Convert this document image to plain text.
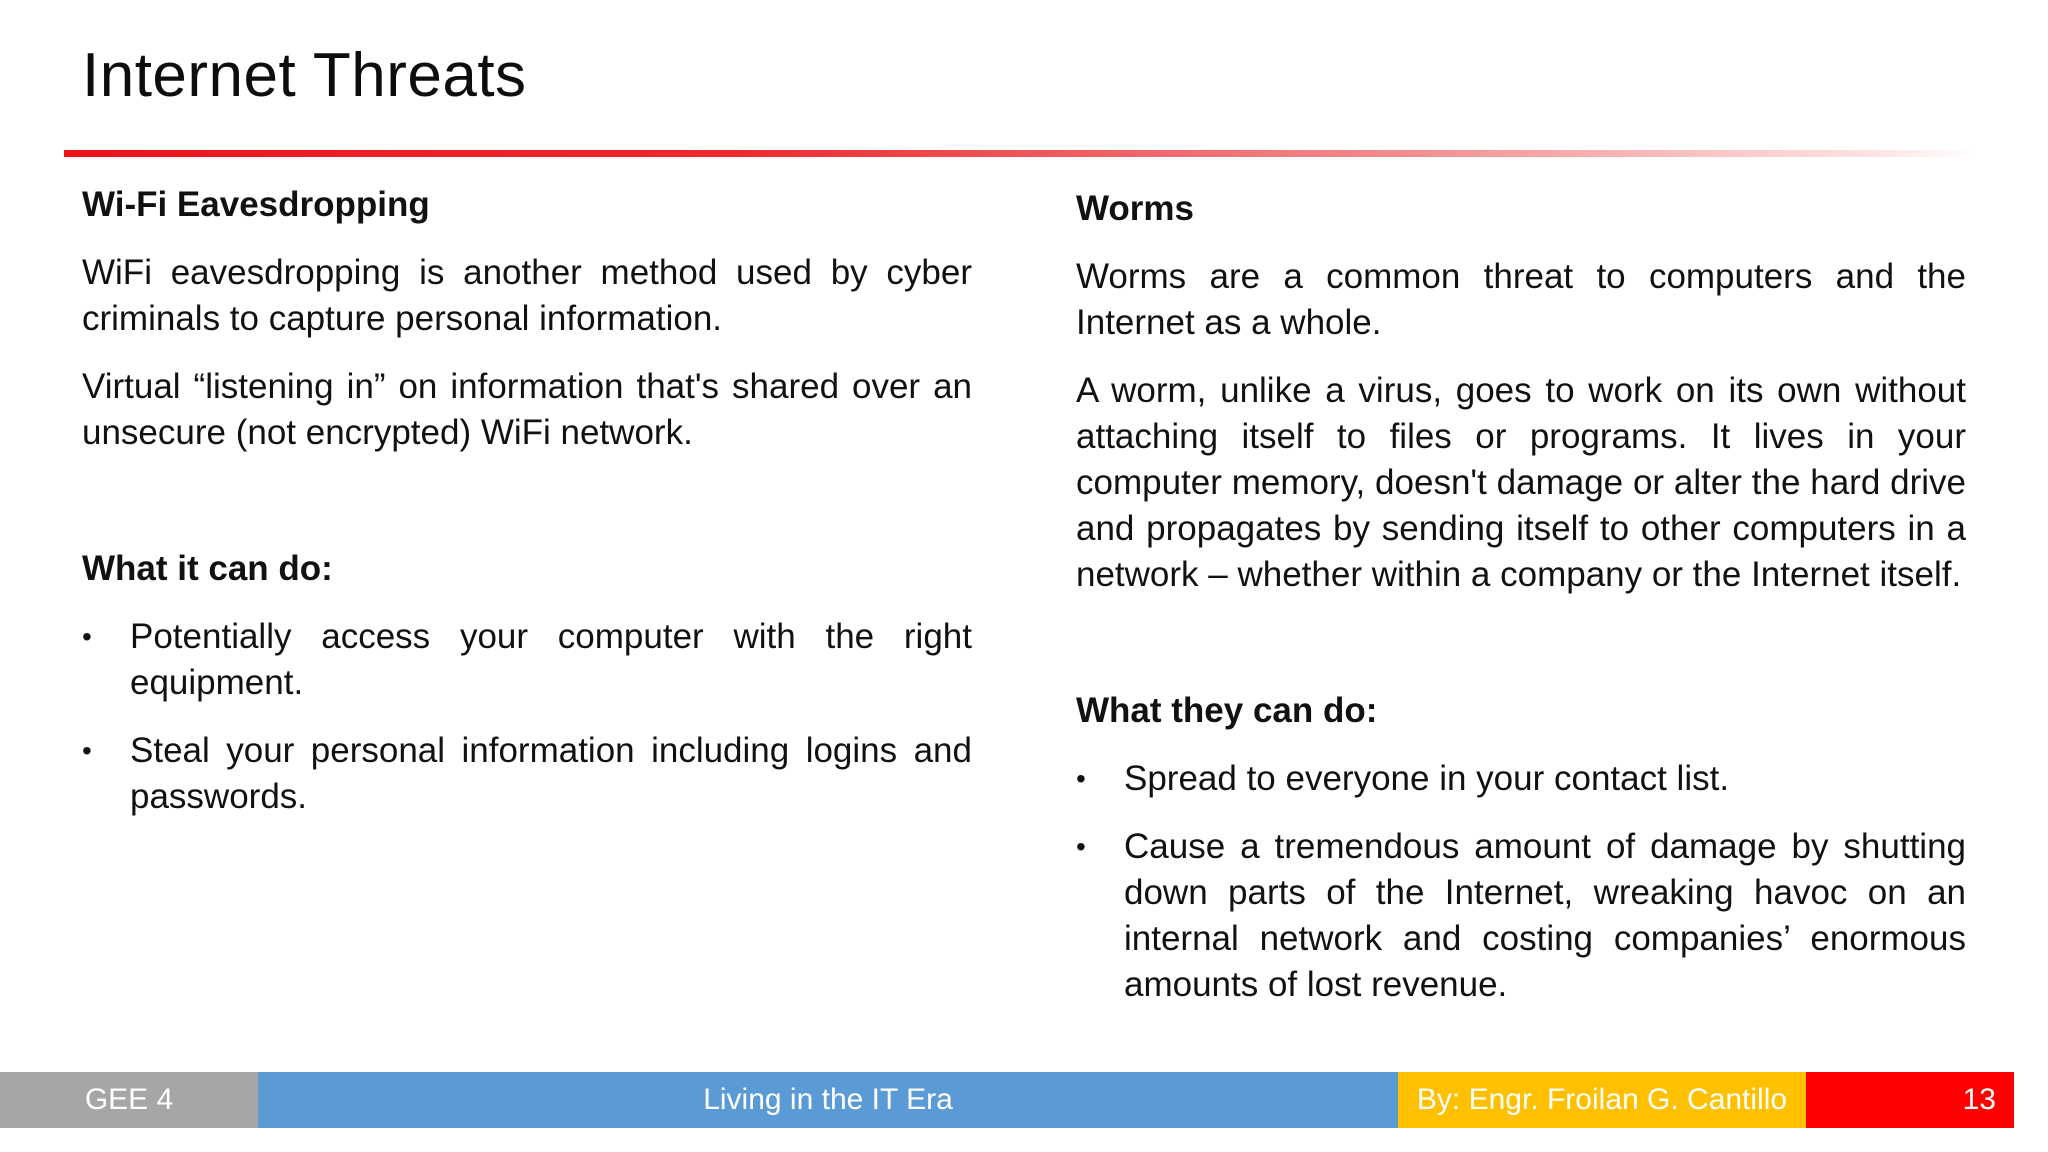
Internet Threats
Wi-Fi Eavesdropping

WiFi eavesdropping is another method used by cyber criminals to capture personal information.

Virtual “listening in” on information that's shared over an unsecure (not encrypted) WiFi network.

What it can do:
• Potentially access your computer with the right equipment.
• Steal your personal information including logins and passwords.
Worms

Worms are a common threat to computers and the Internet as a whole.

A worm, unlike a virus, goes to work on its own without attaching itself to files or programs. It lives in your computer memory, doesn't damage or alter the hard drive and propagates by sending itself to other computers in a network – whether within a company or the Internet itself.

What they can do:
• Spread to everyone in your contact list.
• Cause a tremendous amount of damage by shutting down parts of the Internet, wreaking havoc on an internal network and costing companies’ enormous amounts of lost revenue.
GEE 4	Living in the IT Era	By: Engr. Froilan G. Cantillo	13
